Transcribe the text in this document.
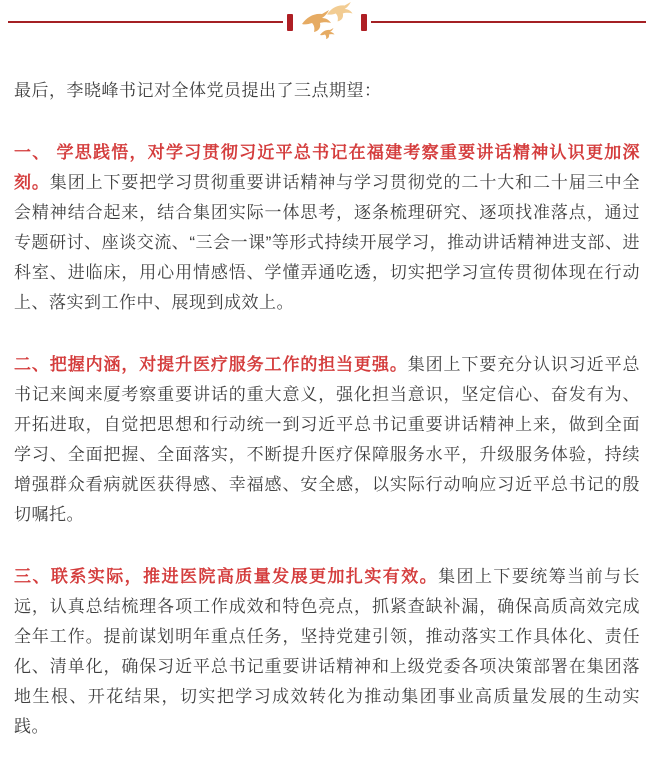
最后，李晓峰书记对全体党员提出了三点期望：

一、 学思践悟，对学习贯彻习近平总书记在福建考察重要讲话精神认识更加深刻。集团上下要把学习贯彻重要讲话精神与学习贯彻党的二十大和二十届三中全会精神结合起来，结合集团实际一体思考，逐条梳理研究、逐项找准落点，通过专题研讨、座谈交流、“三会一课”等形式持续开展学习，推动讲话精神进支部、进科室、进临床，用心用情感悟、学懂弄通吃透，切实把学习宣传贯彻体现在行动上、落实到工作中、展现到成效上。

二、把握内涵，对提升医疗服务工作的担当更强。集团上下要充分认识习近平总书记来闽来厦考察重要讲话的重大意义，强化担当意识，坚定信心、奋发有为、开拓进取，自觉把思想和行动统一到习近平总书记重要讲话精神上来，做到全面学习、全面把握、全面落实，不断提升医疗保障服务水平，升级服务体验，持续增强群众看病就医获得感、幸福感、安全感，以实际行动响应习近平总书记的殷切嘱托。

三、联系实际，推进医院高质量发展更加扎实有效。集团上下要统筹当前与长远，认真总结梳理各项工作成效和特色亮点，抓紧查缺补漏，确保高质高效完成全年工作。提前谋划明年重点任务，坚持党建引领，推动落实工作具体化、责任化、清单化，确保习近平总书记重要讲话精神和上级党委各项决策部署在集团落地生根、开花结果，切实把学习成效转化为推动集团事业高质量发展的生动实践。
